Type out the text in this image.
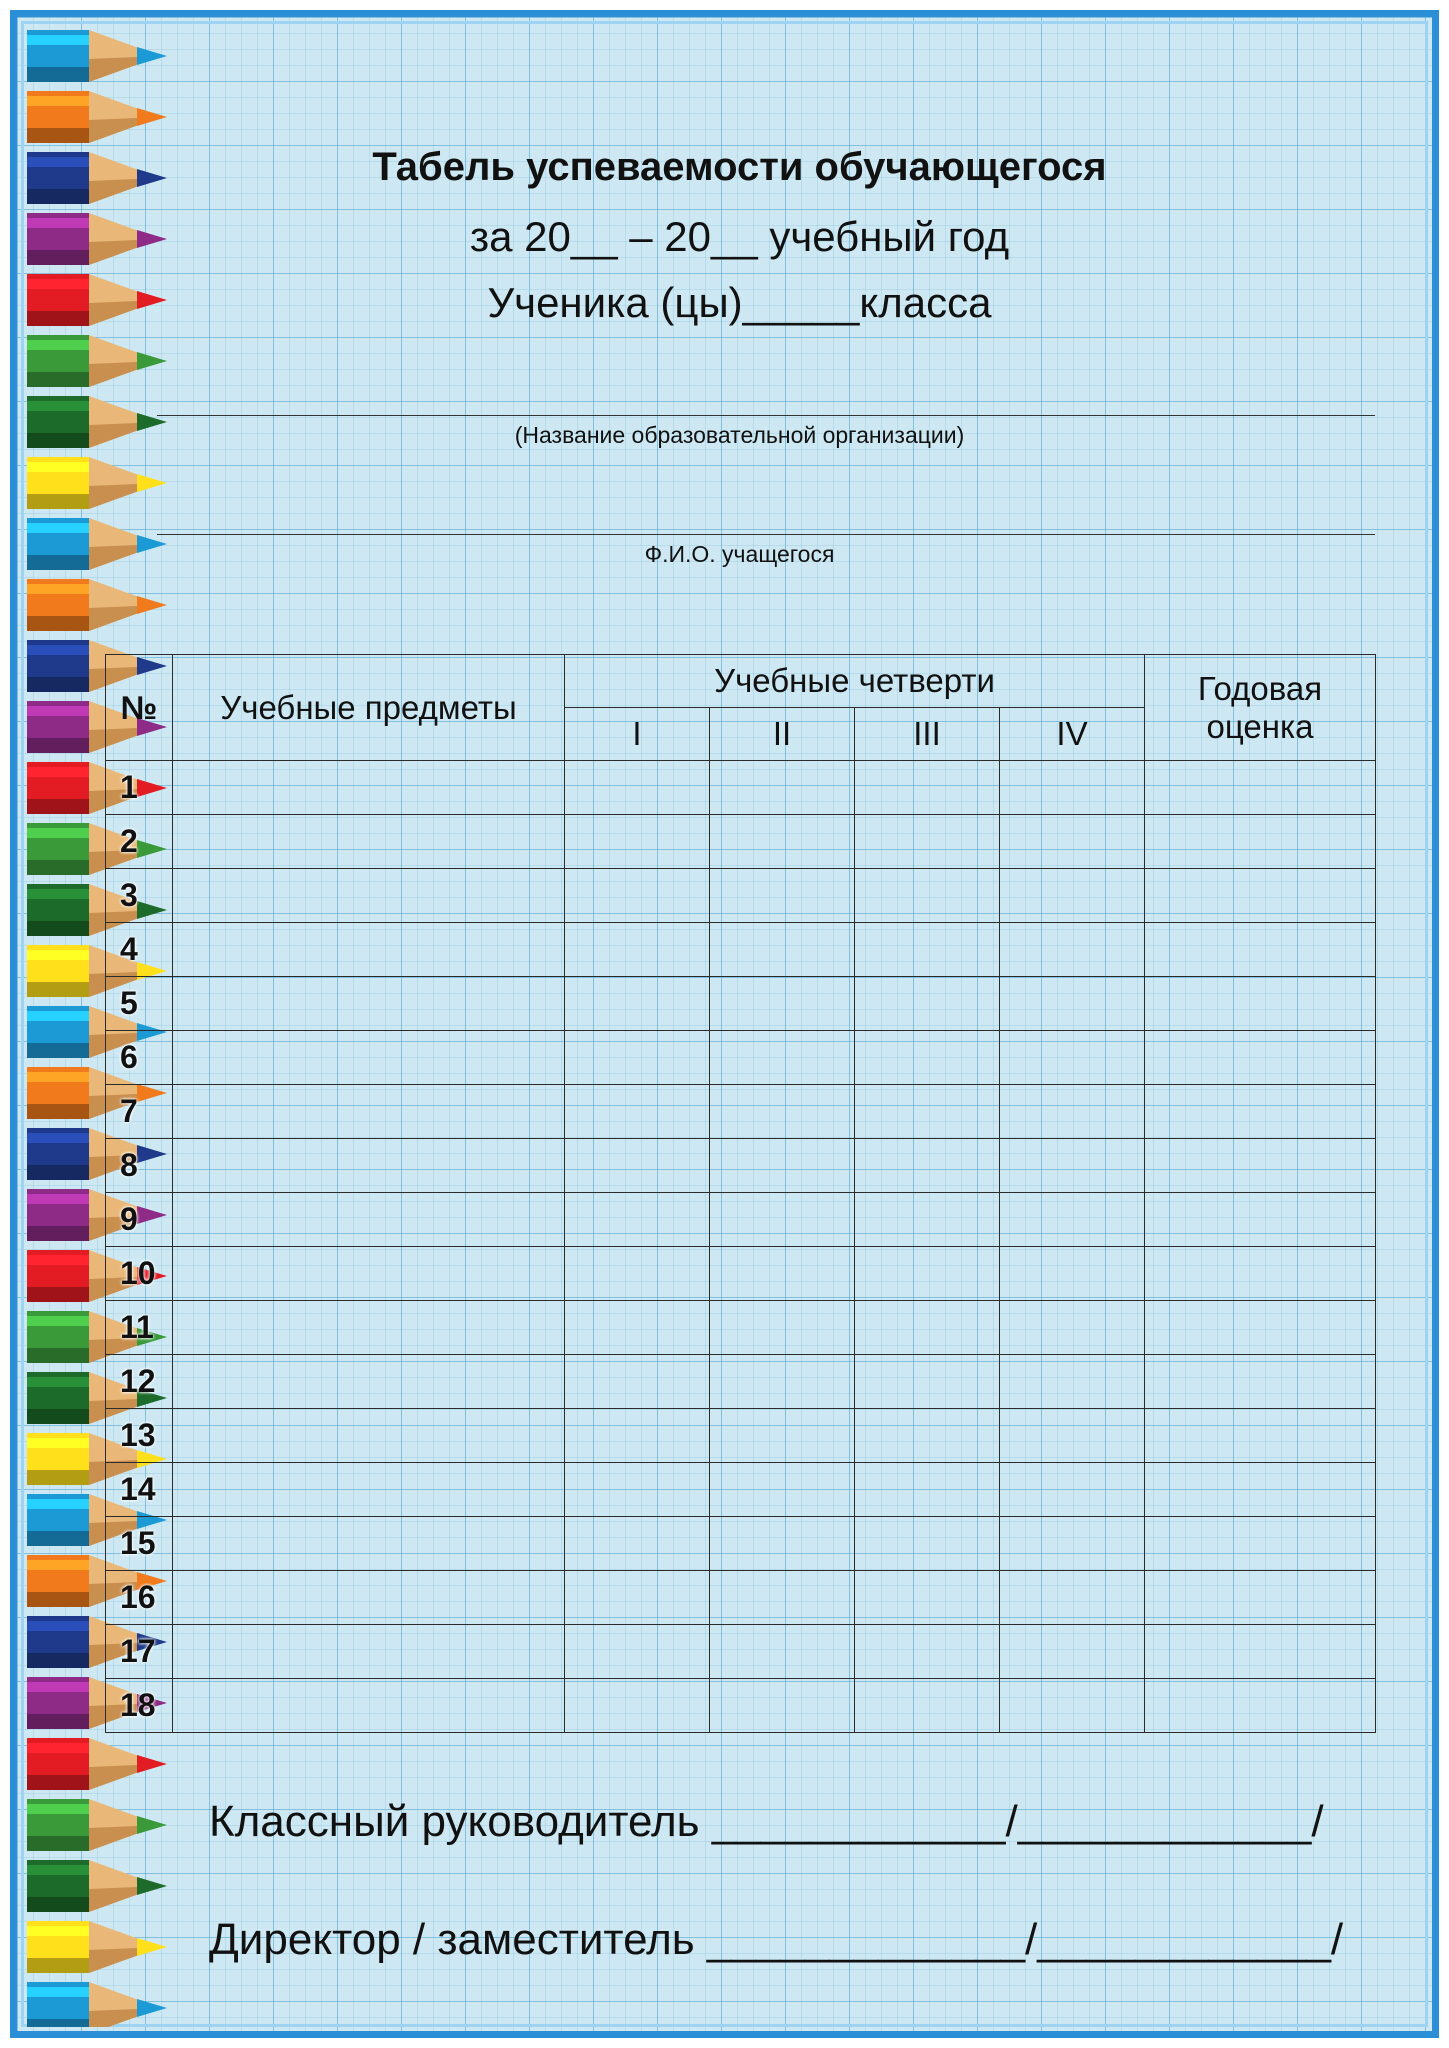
Табель успеваемости обучающегося
за 20__ – 20__ учебный год
Ученика (цы)_____класса
(Название образовательной организации)
Ф.И.О. учащегося
№	Учебные предметы	Учебные четверти				Годовая
оценка

		I	II	III	IV	
1						
2						
3						
4						
5						
6						
7						
8						
9						
10						
11						
12						
13						
14						
15						
16						
17						
18						
Классный руководитель ____________/____________/
Директор / заместитель _____________/____________/
